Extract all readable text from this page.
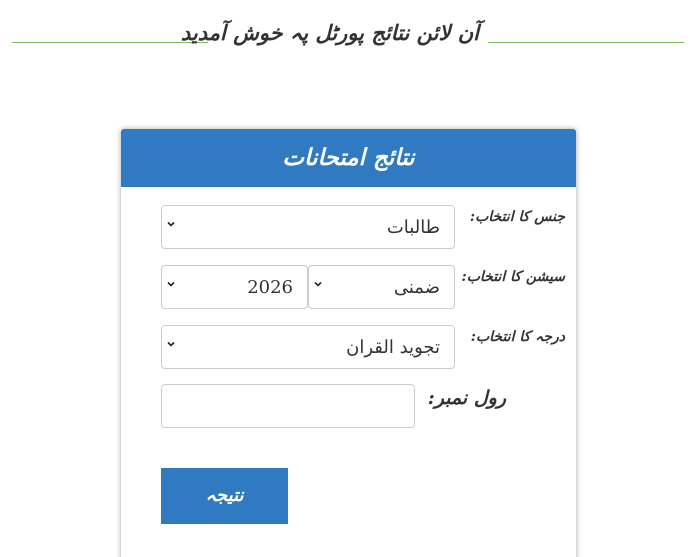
آن لائن نتائج پورٹل پہ خوش آمدید
نتائج امتحانات
جنس کا انتخاب:
طالبات
سیشن کا انتخاب:
ضمنی
2026
درجہ کا انتخاب:
تجوید القران
رول نمبر:
نتیجہ
